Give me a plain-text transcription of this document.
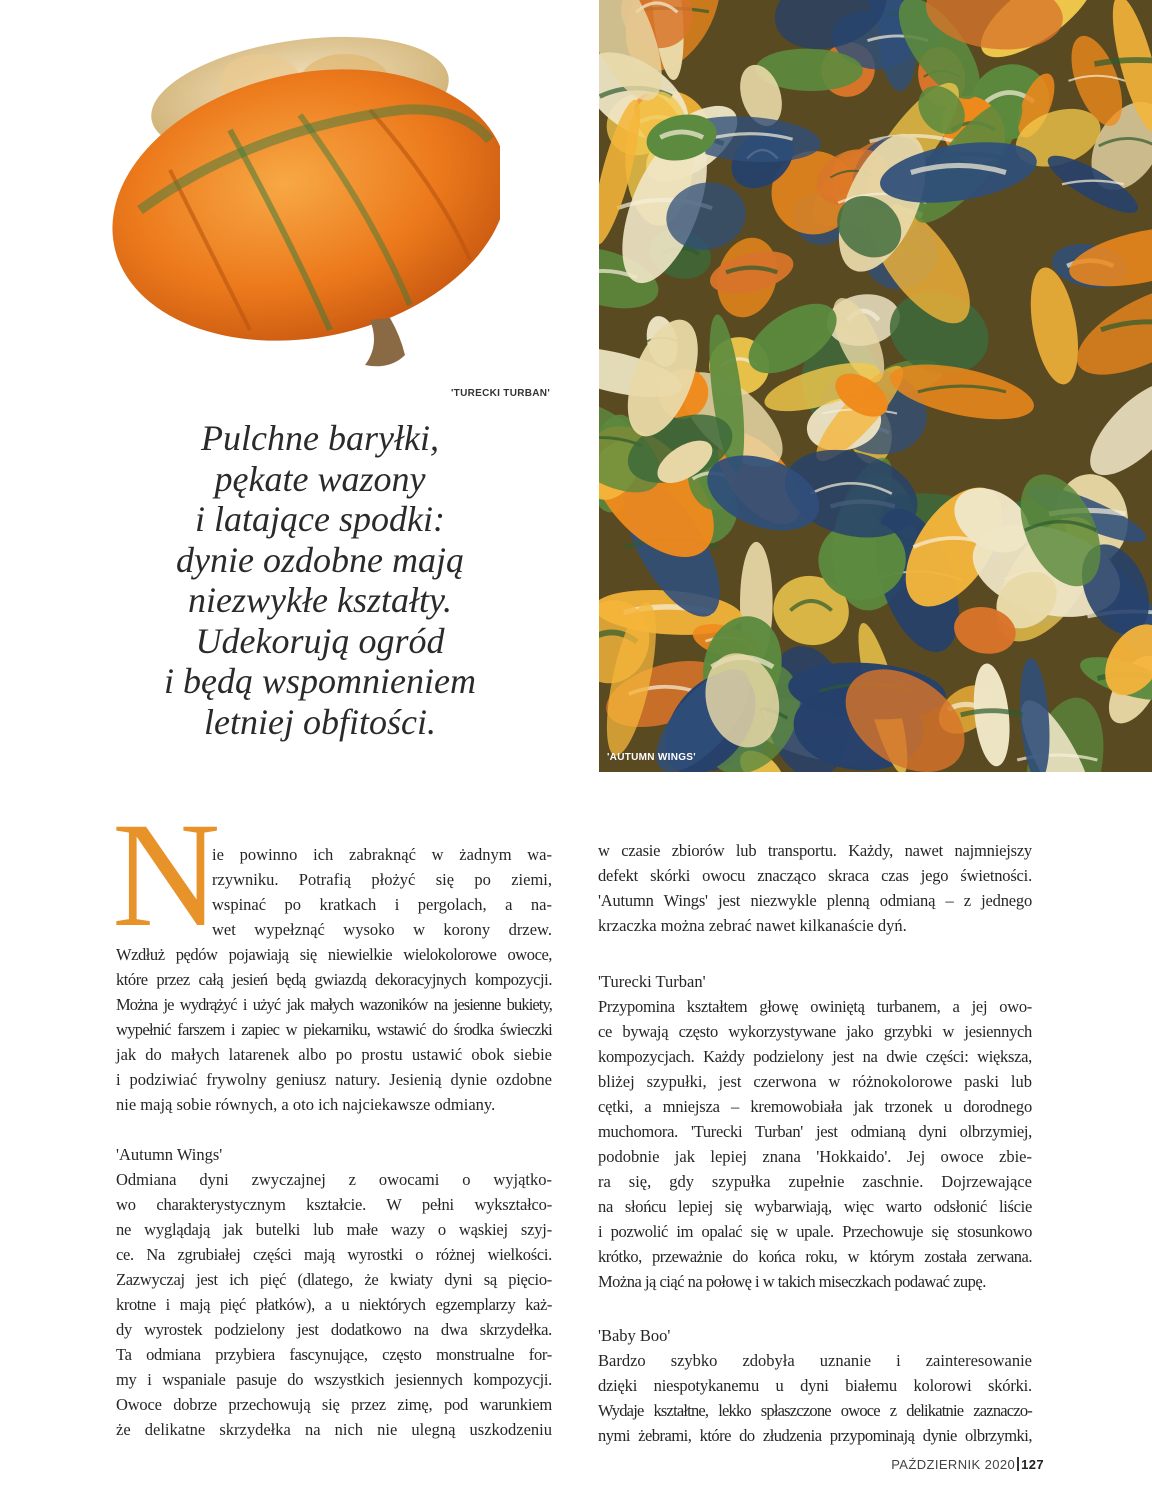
'TURECKI TURBAN'
'AUTUMN WINGS'
Pulchne baryłki,
pękate wazony
i latające spodki:
dynie ozdobne mają
niezwykłe kształty.
Udekorują ogród
i będą wspomnieniem
letniej obfitości.
N
ie powinno ich zabraknąć w żadnym wa-
rzywniku. Potrafią płożyć się po ziemi,
wspinać po kratkach i pergolach, a na-
wet wypełznąć wysoko w korony drzew.
Wzdłuż pędów pojawiają się niewielkie wielokolorowe owoce,
które przez całą jesień będą gwiazdą dekoracyjnych kompozycji.
Można je wydrążyć i użyć jak małych wazoników na jesienne bukiety,
wypełnić farszem i zapiec w piekarniku, wstawić do środka świeczki
jak do małych latarenek albo po prostu ustawić obok siebie
i podziwiać frywolny geniusz natury. Jesienią dynie ozdobne
nie mają sobie równych, a oto ich najciekawsze odmiany.
'Autumn Wings'
Odmiana dyni zwyczajnej z owocami o wyjątko-
wo charakterystycznym kształcie. W pełni wykształco-
ne wyglądają jak butelki lub małe wazy o wąskiej szyj-
ce. Na zgrubiałej części mają wyrostki o różnej wielkości.
Zazwyczaj jest ich pięć (dlatego, że kwiaty dyni są pięcio-
krotne i mają pięć płatków), a u niektórych egzemplarzy każ-
dy wyrostek podzielony jest dodatkowo na dwa skrzydełka.
Ta odmiana przybiera fascynujące, często monstrualne for-
my i wspaniale pasuje do wszystkich jesiennych kompozycji.
Owoce dobrze przechowują się przez zimę, pod warunkiem
że delikatne skrzydełka na nich nie ulegną uszkodzeniu
w czasie zbiorów lub transportu. Każdy, nawet najmniejszy
defekt skórki owocu znacząco skraca czas jego świetności.
'Autumn Wings' jest niezwykle plenną odmianą – z jednego
krzaczka można zebrać nawet kilkanaście dyń.
'Turecki Turban'
Przypomina kształtem głowę owiniętą turbanem, a jej owo-
ce bywają często wykorzystywane jako grzybki w jesiennych
kompozycjach. Każdy podzielony jest na dwie części: większa,
bliżej szypułki, jest czerwona w różnokolorowe paski lub
cętki, a mniejsza – kremowobiała jak trzonek u dorodnego
muchomora. 'Turecki Turban' jest odmianą dyni olbrzymiej,
podobnie jak lepiej znana 'Hokkaido'. Jej owoce zbie-
ra się, gdy szypułka zupełnie zaschnie. Dojrzewające
na słońcu lepiej się wybarwiają, więc warto odsłonić liście
i pozwolić im opalać się w upale. Przechowuje się stosunkowo
krótko, przeważnie do końca roku, w którym została zerwana.
Można ją ciąć na połowę i w takich miseczkach podawać zupę.
'Baby Boo'
Bardzo szybko zdobyła uznanie i zainteresowanie
dzięki niespotykanemu u dyni białemu kolorowi skórki.
Wydaje kształtne, lekko spłaszczone owoce z delikatnie zaznaczo-
nymi żebrami, które do złudzenia przypominają dynie olbrzymki,
PAŹDZIERNIK 2020 127
